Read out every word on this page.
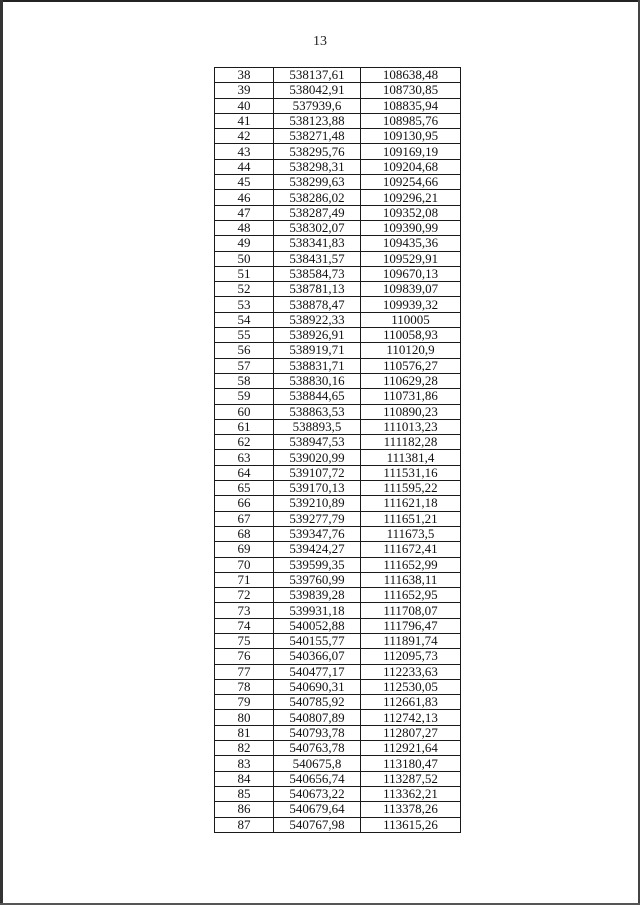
13
38	538137,61	108638,48
39	538042,91	108730,85
40	537939,6	108835,94
41	538123,88	108985,76
42	538271,48	109130,95
43	538295,76	109169,19
44	538298,31	109204,68
45	538299,63	109254,66
46	538286,02	109296,21
47	538287,49	109352,08
48	538302,07	109390,99
49	538341,83	109435,36
50	538431,57	109529,91
51	538584,73	109670,13
52	538781,13	109839,07
53	538878,47	109939,32
54	538922,33	110005
55	538926,91	110058,93
56	538919,71	110120,9
57	538831,71	110576,27
58	538830,16	110629,28
59	538844,65	110731,86
60	538863,53	110890,23
61	538893,5	111013,23
62	538947,53	111182,28
63	539020,99	111381,4
64	539107,72	111531,16
65	539170,13	111595,22
66	539210,89	111621,18
67	539277,79	111651,21
68	539347,76	111673,5
69	539424,27	111672,41
70	539599,35	111652,99
71	539760,99	111638,11
72	539839,28	111652,95
73	539931,18	111708,07
74	540052,88	111796,47
75	540155,77	111891,74
76	540366,07	112095,73
77	540477,17	112233,63
78	540690,31	112530,05
79	540785,92	112661,83
80	540807,89	112742,13
81	540793,78	112807,27
82	540763,78	112921,64
83	540675,8	113180,47
84	540656,74	113287,52
85	540673,22	113362,21
86	540679,64	113378,26
87	540767,98	113615,26
